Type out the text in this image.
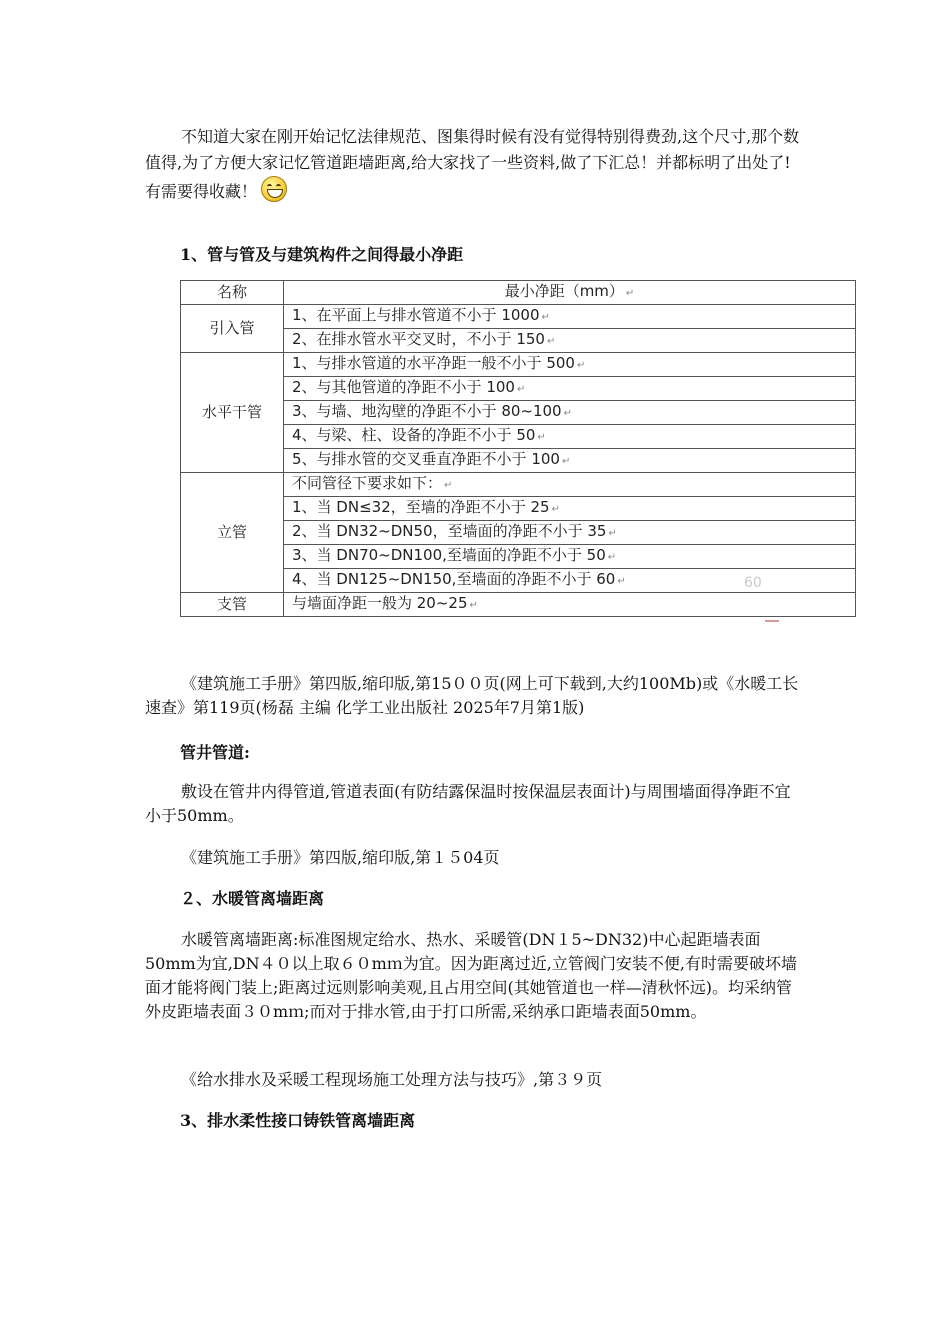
不知道大家在刚开始记忆法律规范、图集得时候有没有觉得特别得费劲,这个尺寸,那个数值得,为了方便大家记忆管道距墙距离,给大家找了一些资料,做了下汇总！并都标明了出处了!有需要得收藏！

1、管与管及与建筑构件之间得最小净距

名称	最小净距（mm） ↵
引入管	1、在平面上与排水管道不小于 1000 ↵
	2、在排水管水平交叉时，不小于 150 ↵
水平干管	1、与排水管道的水平净距一般不小于 500 ↵
	2、与其他管道的净距不小于 100 ↵
	3、与墙、地沟壁的净距不小于 80~100 ↵
	4、与梁、柱、设备的净距不小于 50 ↵
	5、与排水管的交叉垂直净距不小于 100 ↵
立管	不同管径下要求如下： ↵
	1、当 DN≤32，至墙的净距不小于 25 ↵
	2、当 DN32~DN50，至墙面的净距不小于 35 ↵
	3、当 DN70~DN100,至墙面的净距不小于 50 ↵
	4、当 DN125~DN150,至墙面的净距不小于 60 ↵
支管	与墙面净距一般为 20~25 ↵
60

《建筑施工手册》第四版,缩印版,第15００页(网上可下载到,大约100Mb)或《水暖工长速查》第119页(杨磊 主编 化学工业出版社 2025年7月第1版)

管井管道:

敷设在管井内得管道,管道表面(有防结露保温时按保温层表面计)与周围墙面得净距不宜小于50mm。

《建筑施工手册》第四版,缩印版,第１５04页

２、水暖管离墙距离

水暖管离墙距离:标准图规定给水、热水、采暖管(DN１5~DN32)中心起距墙表面50mm为宜,DN４０以上取６０mｍ为宜。因为距离过近,立管阀门安装不便,有时需要破坏墙面才能将阀门装上;距离过远则影响美观,且占用空间(其她管道也一样—清秋怀远)。均采纳管外皮距墙表面３０mｍ;而对于排水管,由于打口所需,采纳承口距墙表面50mm。

《给水排水及采暖工程现场施工处理方法与技巧》,第３９页

3、排水柔性接口铸铁管离墙距离
